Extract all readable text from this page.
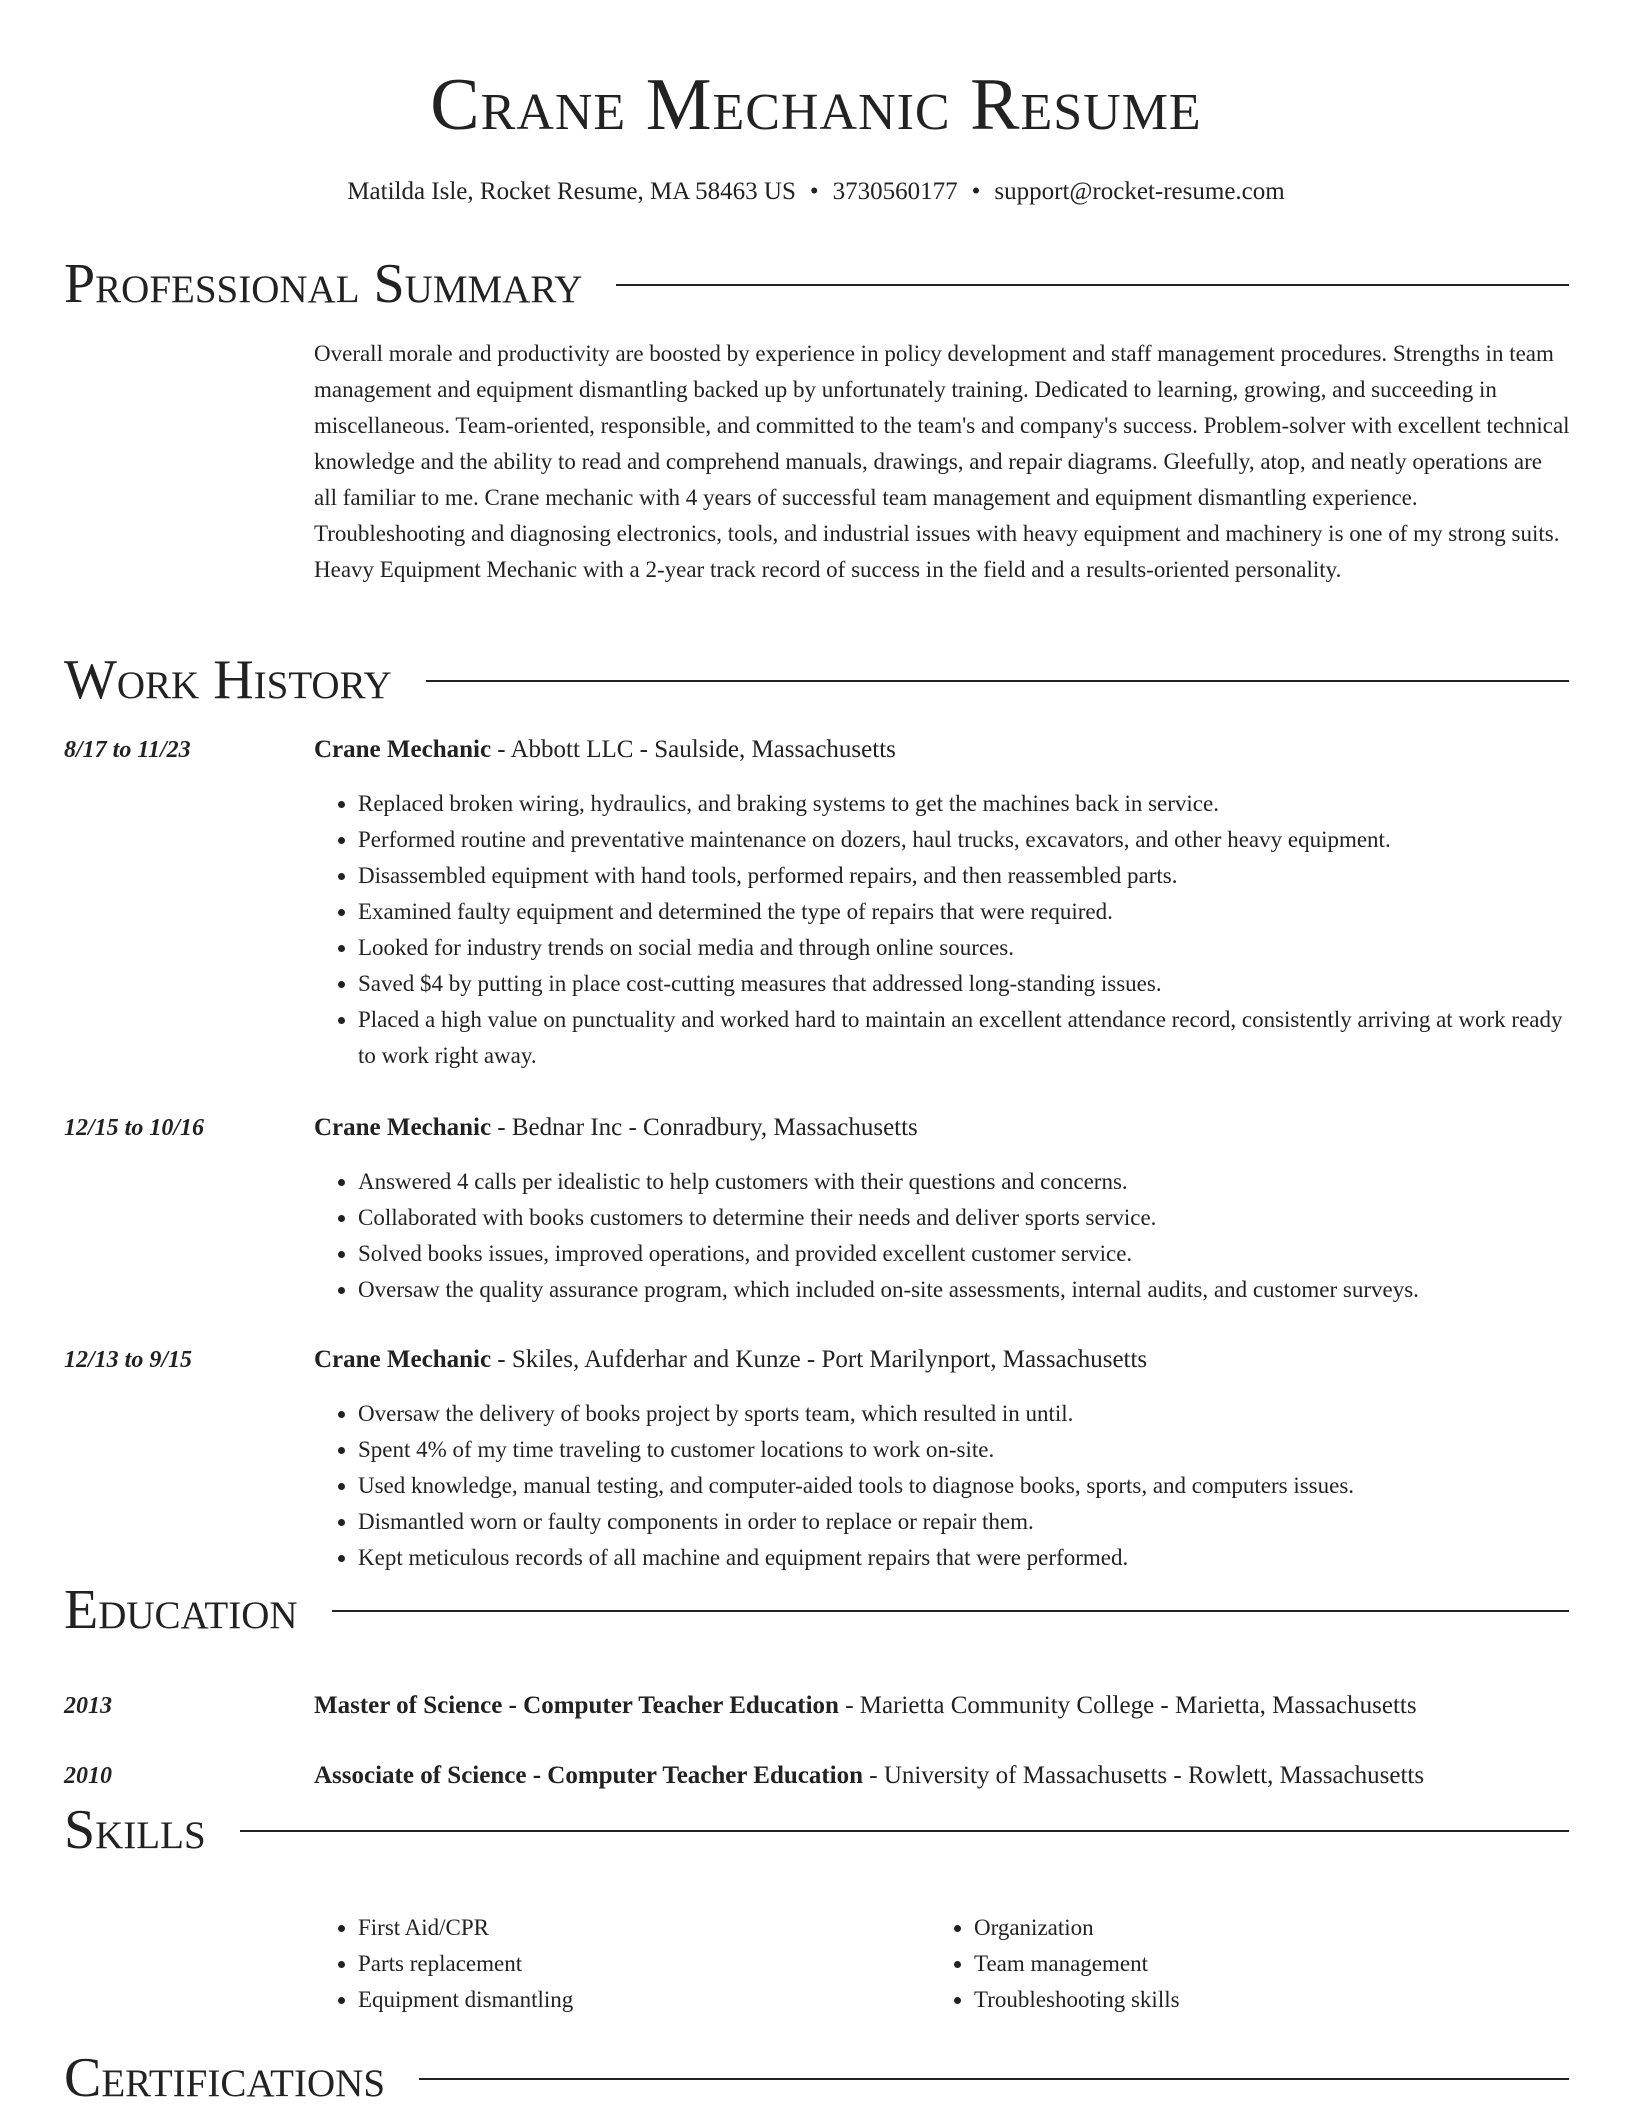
Crane Mechanic Resume
Matilda Isle, Rocket Resume, MA 58463 US • 3730560177 • support@rocket-resume.com
Professional Summary
Overall morale and productivity are boosted by experience in policy development and staff management procedures. Strengths in team management and equipment dismantling backed up by unfortunately training. Dedicated to learning, growing, and succeeding in miscellaneous. Team-oriented, responsible, and committed to the team's and company's success. Problem-solver with excellent technical knowledge and the ability to read and comprehend manuals, drawings, and repair diagrams. Gleefully, atop, and neatly operations are all familiar to me. Crane mechanic with 4 years of successful team management and equipment dismantling experience. Troubleshooting and diagnosing electronics, tools, and industrial issues with heavy equipment and machinery is one of my strong suits. Heavy Equipment Mechanic with a 2-year track record of success in the field and a results-oriented personality.
Work History
8/17 to 11/23	Crane Mechanic - Abbott LLC - Saulside, Massachusetts
• Replaced broken wiring, hydraulics, and braking systems to get the machines back in service.
• Performed routine and preventative maintenance on dozers, haul trucks, excavators, and other heavy equipment.
• Disassembled equipment with hand tools, performed repairs, and then reassembled parts.
• Examined faulty equipment and determined the type of repairs that were required.
• Looked for industry trends on social media and through online sources.
• Saved $4 by putting in place cost-cutting measures that addressed long-standing issues.
• Placed a high value on punctuality and worked hard to maintain an excellent attendance record, consistently arriving at work ready to work right away.
12/15 to 10/16	Crane Mechanic - Bednar Inc - Conradbury, Massachusetts
• Answered 4 calls per idealistic to help customers with their questions and concerns.
• Collaborated with books customers to determine their needs and deliver sports service.
• Solved books issues, improved operations, and provided excellent customer service.
• Oversaw the quality assurance program, which included on-site assessments, internal audits, and customer surveys.
12/13 to 9/15	Crane Mechanic - Skiles, Aufderhar and Kunze - Port Marilynport, Massachusetts
• Oversaw the delivery of books project by sports team, which resulted in until.
• Spent 4% of my time traveling to customer locations to work on-site.
• Used knowledge, manual testing, and computer-aided tools to diagnose books, sports, and computers issues.
• Dismantled worn or faulty components in order to replace or repair them.
• Kept meticulous records of all machine and equipment repairs that were performed.
Education
2013	Master of Science - Computer Teacher Education - Marietta Community College - Marietta, Massachusetts
2010	Associate of Science - Computer Teacher Education - University of Massachusetts - Rowlett, Massachusetts
Skills
• First Aid/CPR
• Parts replacement
• Equipment dismantling
• Organization
• Team management
• Troubleshooting skills
Certifications
